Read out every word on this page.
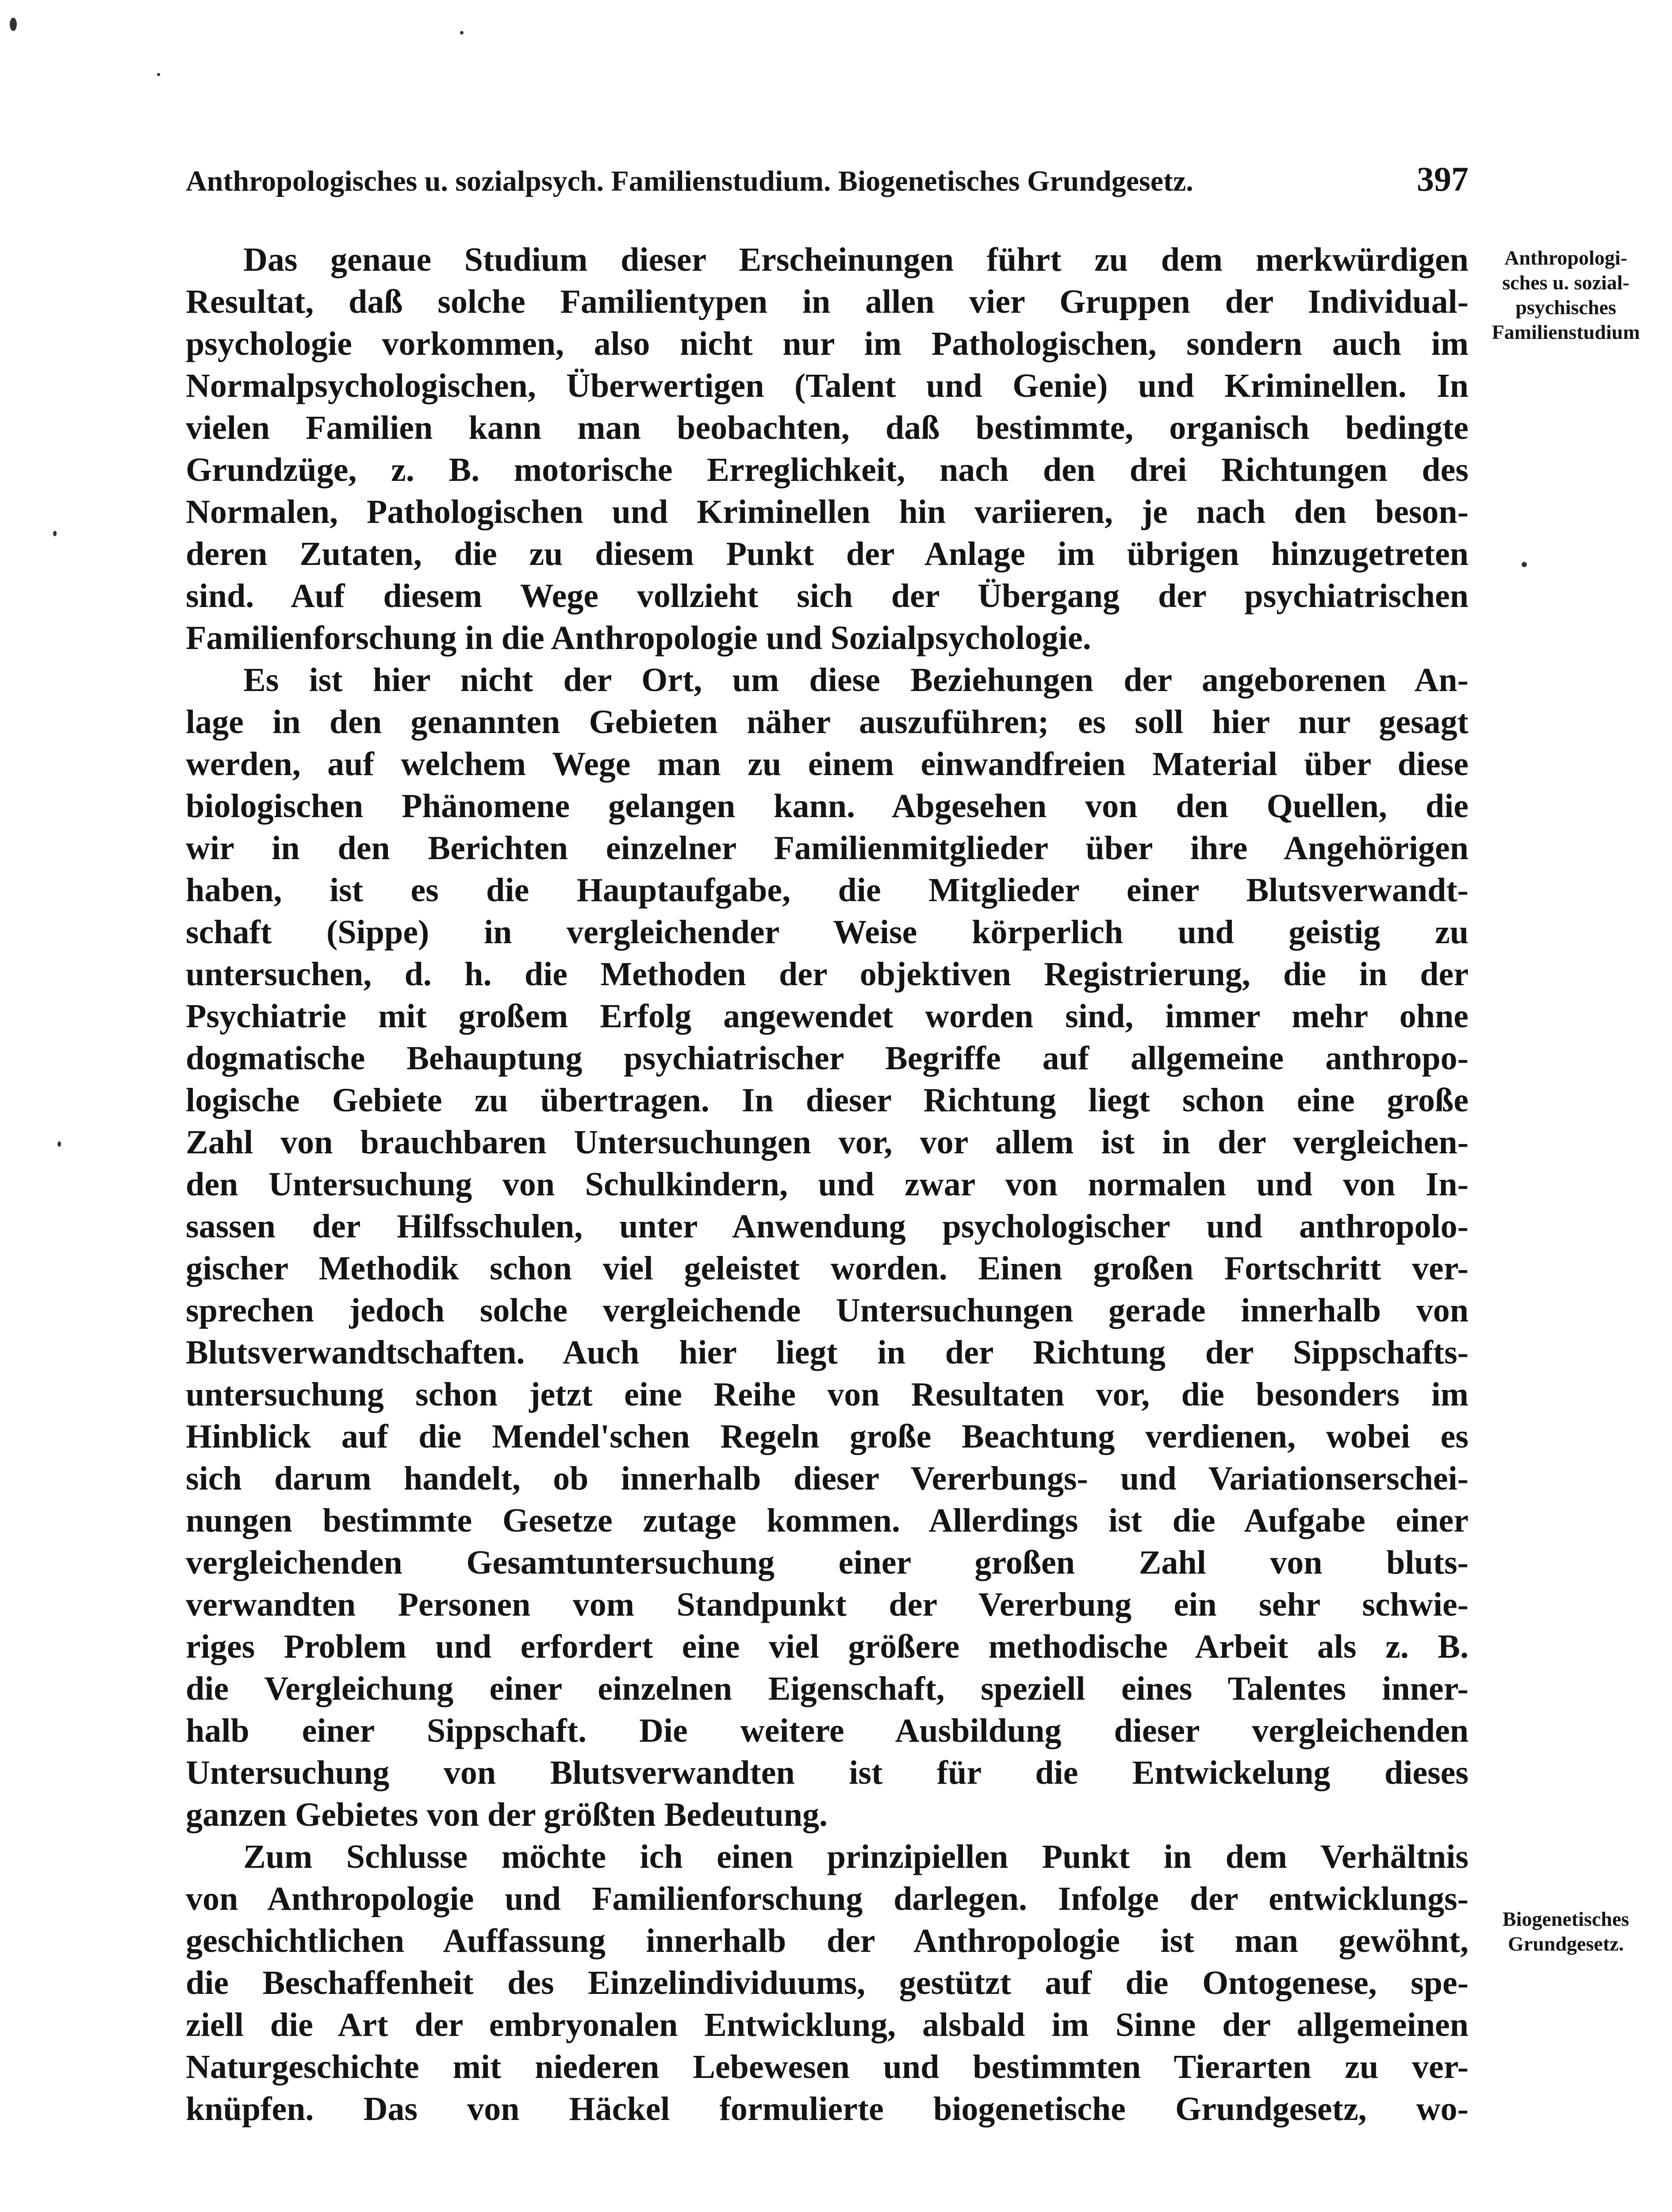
Anthropologisches u. sozialpsych. Familienstudium. Biogenetisches Grundgesetz.	397
Anthropologi-
sches u. sozial-
psychisches
Familienstudium
Biogenetisches
Grundgesetz.
Das genaue Studium dieser Erscheinungen führt zu dem merkwürdigen
Resultat, daß solche Familientypen in allen vier Gruppen der Individual-
psychologie vorkommen, also nicht nur im Pathologischen, sondern auch im
Normalpsychologischen, Überwertigen (Talent und Genie) und Kriminellen. In
vielen Familien kann man beobachten, daß bestimmte, organisch bedingte
Grundzüge, z. B. motorische Erreglichkeit, nach den drei Richtungen des
Normalen, Pathologischen und Kriminellen hin variieren, je nach den beson-
deren Zutaten, die zu diesem Punkt der Anlage im übrigen hinzugetreten
sind. Auf diesem Wege vollzieht sich der Übergang der psychiatrischen
Familienforschung in die Anthropologie und Sozialpsychologie.
Es ist hier nicht der Ort, um diese Beziehungen der angeborenen An-
lage in den genannten Gebieten näher auszuführen; es soll hier nur gesagt
werden, auf welchem Wege man zu einem einwandfreien Material über diese
biologischen Phänomene gelangen kann. Abgesehen von den Quellen, die
wir in den Berichten einzelner Familienmitglieder über ihre Angehörigen
haben, ist es die Hauptaufgabe, die Mitglieder einer Blutsverwandt-
schaft (Sippe) in vergleichender Weise körperlich und geistig zu
untersuchen, d. h. die Methoden der objektiven Registrierung, die in der
Psychiatrie mit großem Erfolg angewendet worden sind, immer mehr ohne
dogmatische Behauptung psychiatrischer Begriffe auf allgemeine anthropo-
logische Gebiete zu übertragen. In dieser Richtung liegt schon eine große
Zahl von brauchbaren Untersuchungen vor, vor allem ist in der vergleichen-
den Untersuchung von Schulkindern, und zwar von normalen und von In-
sassen der Hilfsschulen, unter Anwendung psychologischer und anthropolo-
gischer Methodik schon viel geleistet worden. Einen großen Fortschritt ver-
sprechen jedoch solche vergleichende Untersuchungen gerade innerhalb von
Blutsverwandtschaften. Auch hier liegt in der Richtung der Sippschafts-
untersuchung schon jetzt eine Reihe von Resultaten vor, die besonders im
Hinblick auf die Mendel'schen Regeln große Beachtung verdienen, wobei es
sich darum handelt, ob innerhalb dieser Vererbungs- und Variationserschei-
nungen bestimmte Gesetze zutage kommen. Allerdings ist die Aufgabe einer
vergleichenden Gesamtuntersuchung einer großen Zahl von bluts-
verwandten Personen vom Standpunkt der Vererbung ein sehr schwie-
riges Problem und erfordert eine viel größere methodische Arbeit als z. B.
die Vergleichung einer einzelnen Eigenschaft, speziell eines Talentes inner-
halb einer Sippschaft. Die weitere Ausbildung dieser vergleichenden
Untersuchung von Blutsverwandten ist für die Entwickelung dieses
ganzen Gebietes von der größten Bedeutung.
Zum Schlusse möchte ich einen prinzipiellen Punkt in dem Verhältnis
von Anthropologie und Familienforschung darlegen. Infolge der entwicklungs-
geschichtlichen Auffassung innerhalb der Anthropologie ist man gewöhnt,
die Beschaffenheit des Einzelindividuums, gestützt auf die Ontogenese, spe-
ziell die Art der embryonalen Entwicklung, alsbald im Sinne der allgemeinen
Naturgeschichte mit niederen Lebewesen und bestimmten Tierarten zu ver-
knüpfen. Das von Häckel formulierte biogenetische Grundgesetz, wo-
